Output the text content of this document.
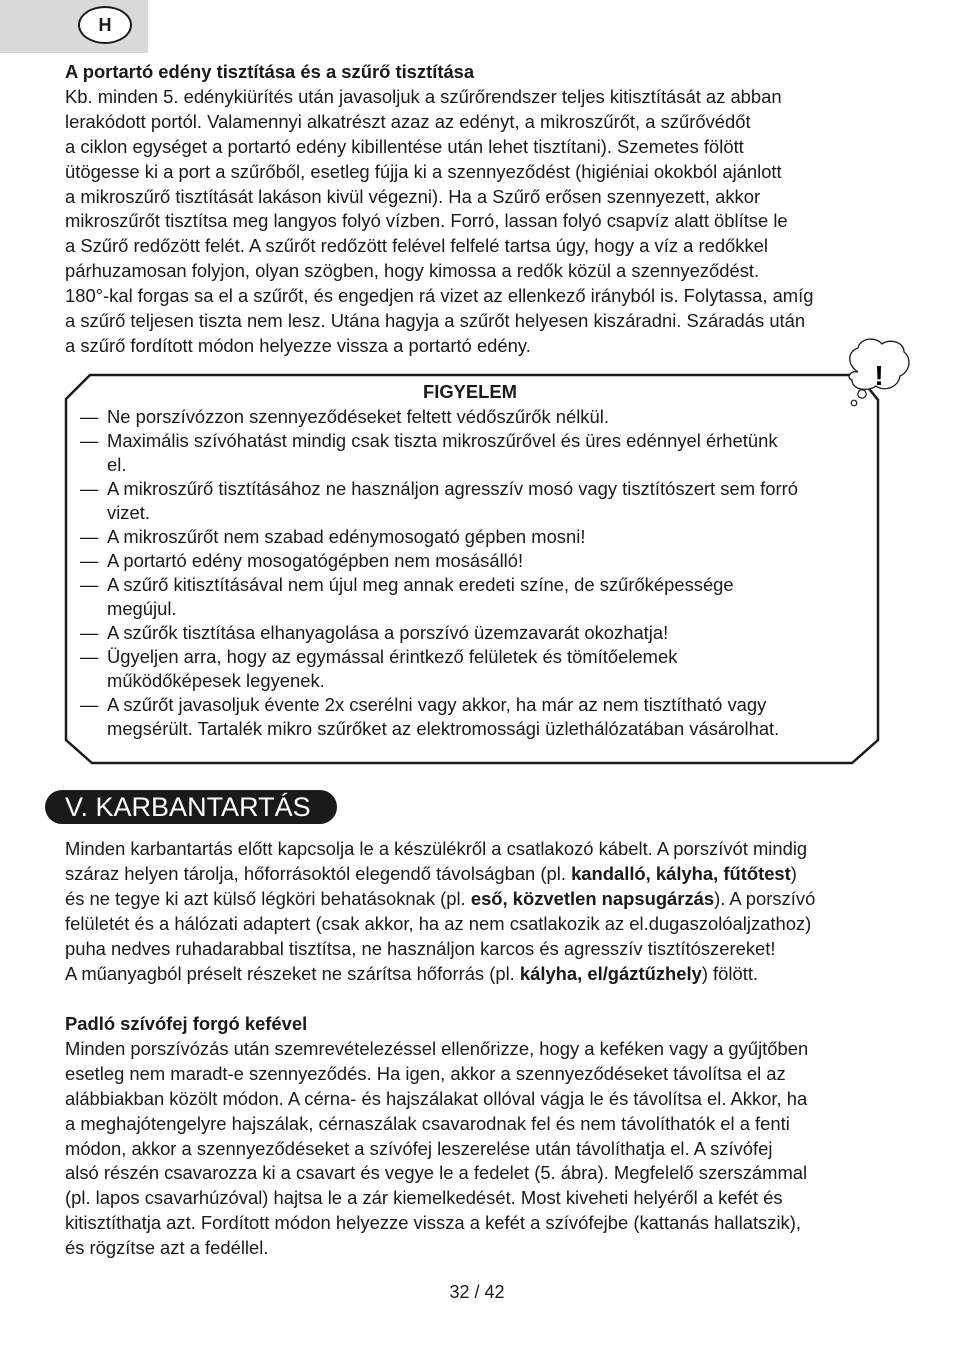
H
A portartó edény tisztítása és a szűrő tisztítása
Kb. minden 5. edénykiürítés után javasoljuk a szűrőrendszer teljes kitisztítását az abban
lerakódott portól. Valamennyi alkatrészt azaz az edényt, a mikroszűrőt, a szűrővédőt
a ciklon egységet a portartó edény kibillentése után lehet tisztítani). Szemetes fölött
ütögesse ki a port a szűrőből, esetleg fújja ki a szennyeződést (higiéniai okokból ajánlott
a mikroszűrő tisztítását lakáson kivül végezni). Ha a Szűrő erősen szennyezett, akkor
mikroszűrőt tisztítsa meg langyos folyó vízben. Forró, lassan folyó csapvíz alatt öblítse le
a Szűrő redőzött felét. A szűrőt redőzött felével felfelé tartsa úgy, hogy a víz a redőkkel
párhuzamosan folyjon, olyan szögben, hogy kimossa a redők közül a szennyeződést.
180°-kal forgas sa el a szűrőt, és engedjen rá vizet az ellenkező irányból is. Folytassa, amíg
a szűrő teljesen tiszta nem lesz. Utána hagyja a szűrőt helyesen kiszáradni. Száradás után
a szűrő fordított módon helyezze vissza a portartó edény.
!
FIGYELEM
— Ne porszívózzon szennyeződéseket feltett védőszűrők nélkül.
— Maximális szívóhatást mindig csak tiszta mikroszűrővel és üres edénnyel érhetünk
el.
— A mikroszűrő tisztításához ne használjon agresszív mosó vagy tisztítószert sem forró
vizet.
— A mikroszűrőt nem szabad edénymosogató gépben mosni!
— A portartó edény mosogatógépben nem mosásálló!
— A szűrő kitisztításával nem újul meg annak eredeti színe, de szűrőképessége
megújul.
— A szűrők tisztítása elhanyagolása a porszívó üzemzavarát okozhatja!
— Ügyeljen arra, hogy az egymással érintkező felületek és tömítőelemek
működőképesek legyenek.
— A szűrőt javasoljuk évente 2x cserélni vagy akkor, ha már az nem tisztítható vagy
megsérült. Tartalék mikro szűrőket az elektromossági üzlethálózatában vásárolhat.
V. KARBANTARTÁS
Minden karbantartás előtt kapcsolja le a készülékről a csatlakozó kábelt. A porszívót mindig
száraz helyen tárolja, hőforrásoktól elegendő távolságban (pl. kandalló, kályha, fűtőtest)
és ne tegye ki azt külső légköri behatásoknak (pl. eső, közvetlen napsugárzás). A porszívó
felületét és a hálózati adaptert (csak akkor, ha az nem csatlakozik az el.dugaszolóaljzathoz)
puha nedves ruhadarabbal tisztítsa, ne használjon karcos és agresszív tisztítószereket!
A műanyagból préselt részeket ne szárítsa hőforrás (pl. kályha, el/gáztűzhely) fölött.
Padló szívófej forgó kefével
Minden porszívózás után szemrevételezéssel ellenőrizze, hogy a keféken vagy a gyűjtőben
esetleg nem maradt-e szennyeződés. Ha igen, akkor a szennyeződéseket távolítsa el az
alábbiakban közölt módon. A cérna- és hajszálakat ollóval vágja le és távolítsa el. Akkor, ha
a meghajótengelyre hajszálak, cérnaszálak csavarodnak fel és nem távolíthatók el a fenti
módon, akkor a szennyeződéseket a szívófej leszerelése után távolíthatja el. A szívófej
alsó részén csavarozza ki a csavart és vegye le a fedelet (5. ábra). Megfelelő szerszámmal
(pl. lapos csavarhúzóval) hajtsa le a zár kiemelkedését. Most kiveheti helyéről a kefét és
kitisztíthatja azt. Fordított módon helyezze vissza a kefét a szívófejbe (kattanás hallatszik),
és rögzítse azt a fedéllel.
32 / 42
